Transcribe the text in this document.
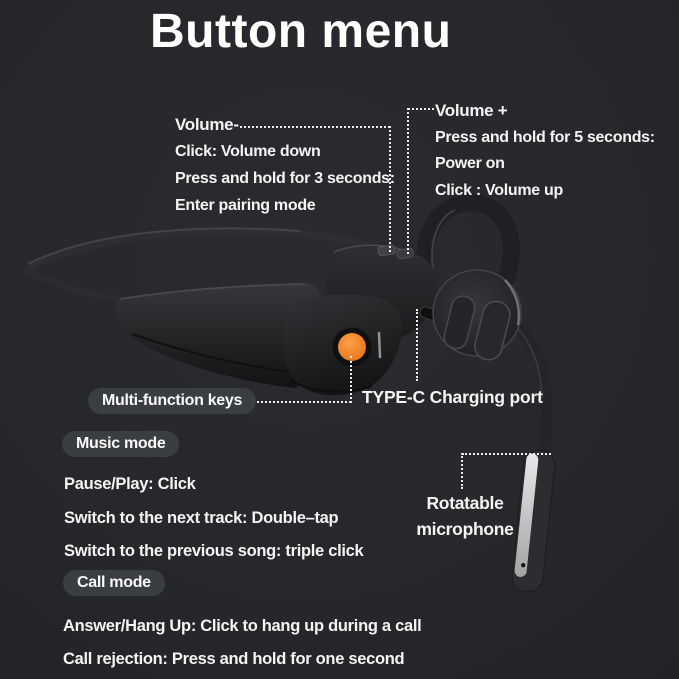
Button menu
Volume-
Click: Volume down
Press and hold for 3 seconds:
Enter pairing mode
Volume +
Press and hold for 5 seconds:
Power on
Click : Volume up
Multi-function keys
Music mode
Call mode
TYPE-C Charging port
Rotatable
microphone
Pause/Play: Click
Switch to the next track: Double–tap
Switch to the previous song: triple click
Answer/Hang Up: Click to hang up during a call
Call rejection: Press and hold for one second
